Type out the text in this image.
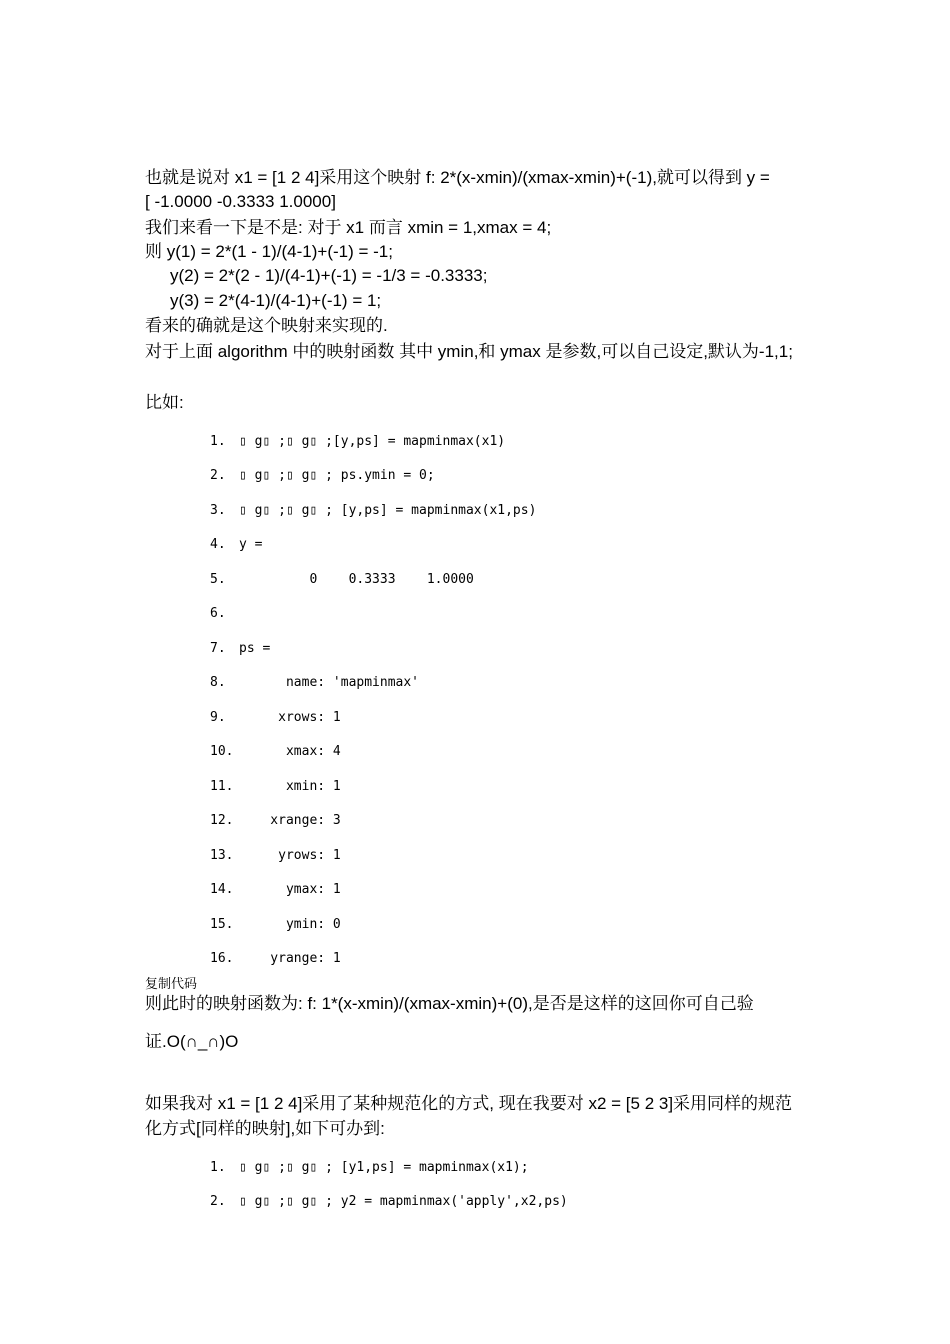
也就是说对 x1 = [1 2 4]采用这个映射 f: 2*(x-xmin)/(xmax-xmin)+(-1),就可以得到 y =
[ -1.0000 -0.3333 1.0000]
我们来看一下是不是: 对于 x1 而言 xmin = 1,xmax = 4;
则 y(1) = 2*(1 - 1)/(4-1)+(-1) = -1;
y(2) = 2*(2 - 1)/(4-1)+(-1) = -1/3 = -0.3333;
y(3) = 2*(4-1)/(4-1)+(-1) = 1;
看来的确就是这个映射来实现的.
对于上面 algorithm 中的映射函数 其中 ymin,和 ymax 是参数,可以自己设定,默认为-1,1;
比如:
1. ▯ g▯ ;▯ g▯ ;[y,ps] = mapminmax(x1)
2. ▯ g▯ ;▯ g▯ ; ps.ymin = 0;
3. ▯ g▯ ;▯ g▯ ; [y,ps] = mapminmax(x1,ps)
4. y =
5.         0    0.3333    1.0000
6.
7. ps =
8.      name: 'mapminmax'
9.     xrows: 1
10.      xmax: 4
11.      xmin: 1
12.    xrange: 3
13.     yrows: 1
14.      ymax: 1
15.      ymin: 0
16.    yrange: 1
复制代码
则此时的映射函数为: f: 1*(x-xmin)/(xmax-xmin)+(0),是否是这样的这回你可自己验
证.O(∩_∩)O
如果我对 x1 = [1 2 4]采用了某种规范化的方式, 现在我要对 x2 = [5 2 3]采用同样的规范
化方式[同样的映射],如下可办到:
1. ▯ g▯ ;▯ g▯ ; [y1,ps] = mapminmax(x1);
2. ▯ g▯ ;▯ g▯ ; y2 = mapminmax('apply',x2,ps)
